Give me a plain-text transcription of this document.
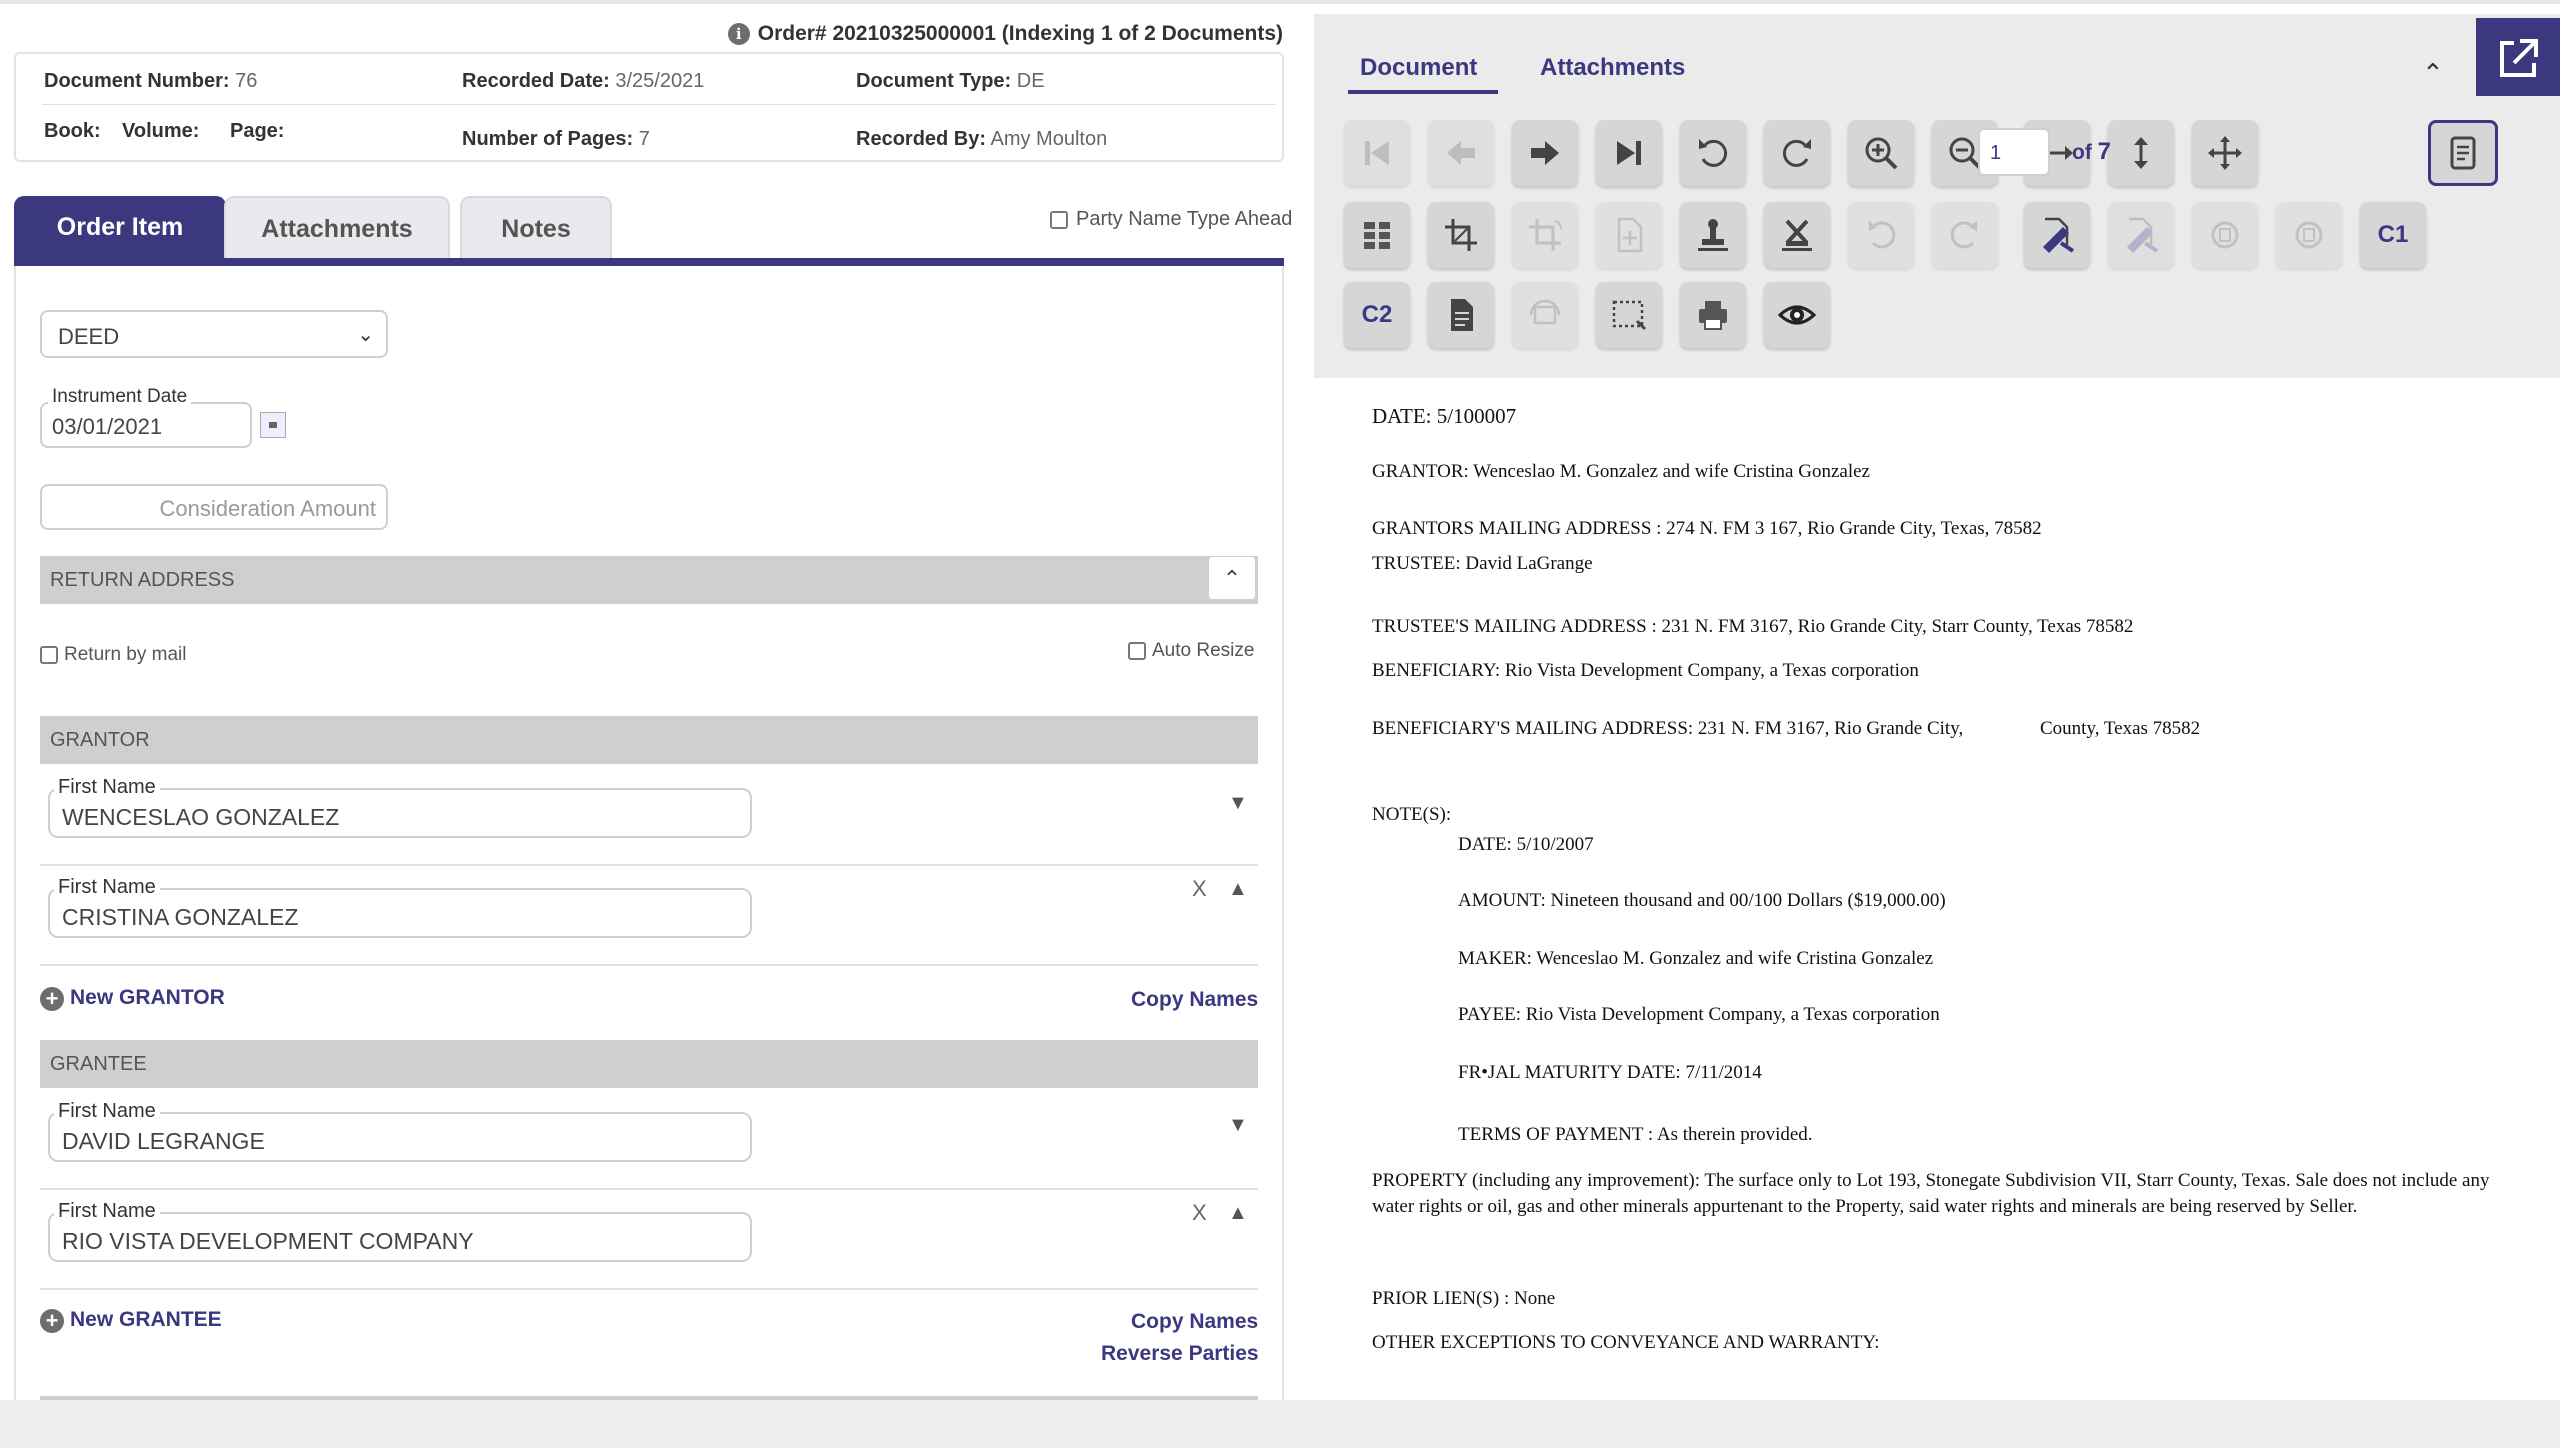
i Order# 20210325000001 (Indexing 1 of 2 Documents)
Document Number: 76	Recorded Date: 3/25/2021	Document Type: DE
Book: Volume: Page:	Number of Pages: 7	Recorded By: Amy Moulton
Order Item	Attachments	Notes	Party Name Type Ahead
DEED	⌄
03/01/2021
Instrument Date
Consideration Amount
RETURN ADDRESS	⌃
Return by mail	Auto Resize
GRANTOR
First Name
WENCESLAO GONZALEZ
▼
First Name
CRISTINA GONZALEZ
X ▲
+ New GRANTOR	Copy Names
GRANTEE
First Name
DAVID LEGRANGE
▼
First Name
RIO VISTA DEVELOPMENT COMPANY
X ▲
+ New GRANTEE	Copy Names
Reverse Parties
Document	Attachments	⌃
1	of 7
C1
C2
DATE: 5/100007
GRANTOR: Wenceslao M. Gonzalez and wife Cristina Gonzalez
GRANTORS MAILING ADDRESS : 274 N. FM 3 167, Rio Grande City, Texas, 78582
TRUSTEE: David LaGrange
TRUSTEE'S MAILING ADDRESS : 231 N. FM 3167, Rio Grande City, Starr County, Texas 78582
BENEFICIARY: Rio Vista Development Company, a Texas corporation
BENEFICIARY'S MAILING ADDRESS: 231 N. FM 3167, Rio Grande City,	County, Texas 78582
NOTE(S):
DATE: 5/10/2007
AMOUNT: Nineteen thousand and 00/100 Dollars ($19,000.00)
MAKER: Wenceslao M. Gonzalez and wife Cristina Gonzalez
PAYEE: Rio Vista Development Company, a Texas corporation
FR•JAL MATURITY DATE: 7/11/2014
TERMS OF PAYMENT : As therein provided.
PROPERTY (including any improvement): The surface only to Lot 193, Stonegate Subdivision VII, Starr County, Texas. Sale does not include any water rights or oil, gas and other minerals appurtenant to the Property, said water rights and minerals are being reserved by Seller.
PRIOR LIEN(S) : None
OTHER EXCEPTIONS TO CONVEYANCE AND WARRANTY:
